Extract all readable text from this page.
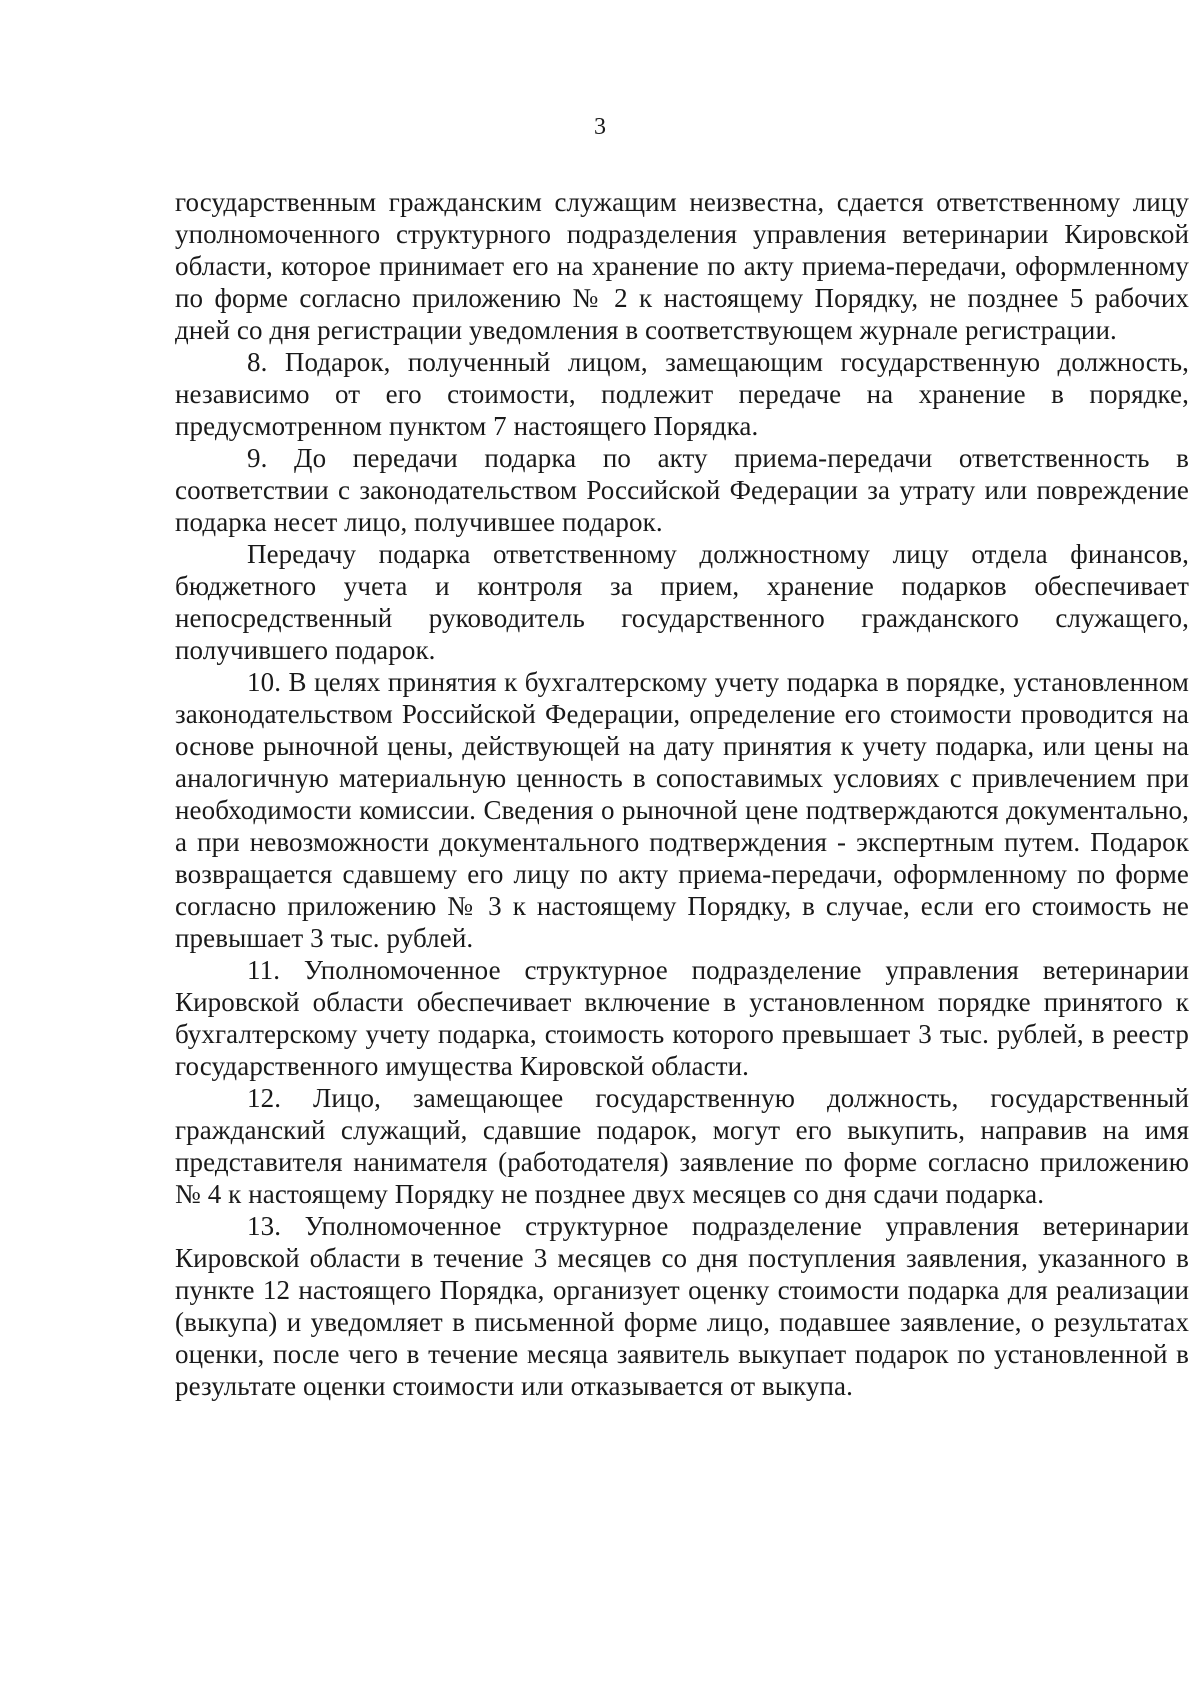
3

государственным гражданским служащим неизвестна, сдается ответственному лицу уполномоченного структурного подразделения управления ветеринарии Кировской области, которое принимает его на хранение по акту приема-передачи, оформленному по форме согласно приложению № 2 к настоящему Порядку, не позднее 5 рабочих дней со дня регистрации уведомления в соответствующем журнале регистрации.

8. Подарок, полученный лицом, замещающим государственную должность, независимо от его стоимости, подлежит передаче на хранение в порядке, предусмотренном пунктом 7 настоящего Порядка.

9. До передачи подарка по акту приема-передачи ответственность в соответствии с законодательством Российской Федерации за утрату или повреждение подарка несет лицо, получившее подарок.

Передачу подарка ответственному должностному лицу отдела финансов, бюджетного учета и контроля за прием, хранение подарков обеспечивает непосредственный руководитель государственного гражданского служащего, получившего подарок.

10. В целях принятия к бухгалтерскому учету подарка в порядке, установленном законодательством Российской Федерации, определение его стоимости проводится на основе рыночной цены, действующей на дату принятия к учету подарка, или цены на аналогичную материальную ценность в сопоставимых условиях с привлечением при необходимости комиссии. Сведения о рыночной цене подтверждаются документально, а при невозможности документального подтверждения - экспертным путем. Подарок возвращается сдавшему его лицу по акту приема-передачи, оформленному по форме согласно приложению № 3 к настоящему Порядку, в случае, если его стоимость не превышает 3 тыс. рублей.

11. Уполномоченное структурное подразделение управления ветеринарии Кировской области обеспечивает включение в установленном порядке принятого к бухгалтерскому учету подарка, стоимость которого превышает 3 тыс. рублей, в реестр государственного имущества Кировской области.

12. Лицо, замещающее государственную должность, государственный гражданский служащий, сдавшие подарок, могут его выкупить, направив на имя представителя нанимателя (работодателя) заявление по форме согласно приложению № 4 к настоящему Порядку не позднее двух месяцев со дня сдачи подарка.

13. Уполномоченное структурное подразделение управления ветеринарии Кировской области в течение 3 месяцев со дня поступления заявления, указанного в пункте 12 настоящего Порядка, организует оценку стоимости подарка для реализации (выкупа) и уведомляет в письменной форме лицо, подавшее заявление, о результатах оценки, после чего в течение месяца заявитель выкупает подарок по установленной в результате оценки стоимости или отказывается от выкупа.
